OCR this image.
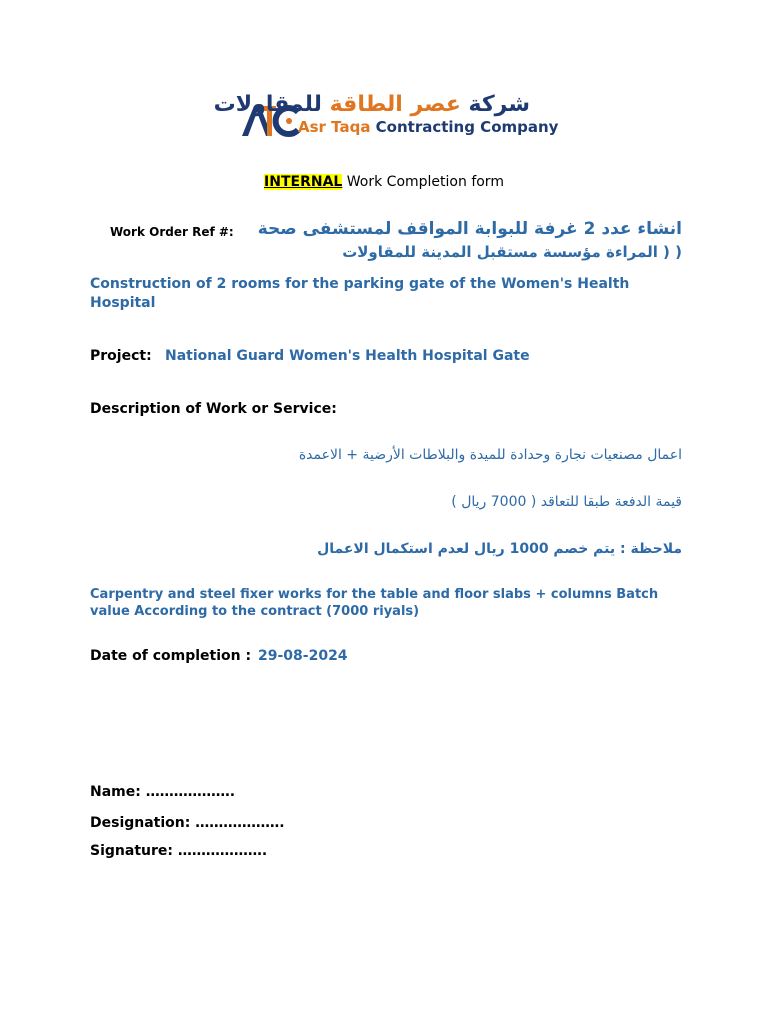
شركة عصر الطاقة للمقاولات
Asr Taqa Contracting Company
INTERNAL Work Completion form
Work Order Ref #: انشاء عدد 2 غرفة للبوابة المواقف لمستشفى صحة
( ( المراءة مؤسسة مستقبل المدينة للمقاولات
Construction of 2 rooms for the parking gate of the Women's Health Hospital
Project: National Guard Women's Health Hospital Gate
Description of Work or Service:
اعمال مصنعيات نجارة وحدادة للميدة والبلاطات الأرضية + الاعمدة
قيمة الدفعة طبقا للتعاقد ( 7000 ريال )
ملاحظة : يتم خصم 1000 ريال لعدم استكمال الاعمال
Carpentry and steel fixer works for the table and floor slabs + columns Batch value According to the contract (7000 riyals)
Date of completion : 29-08-2024
Name: ……………….
Designation: ……………….
Signature: ……………….
